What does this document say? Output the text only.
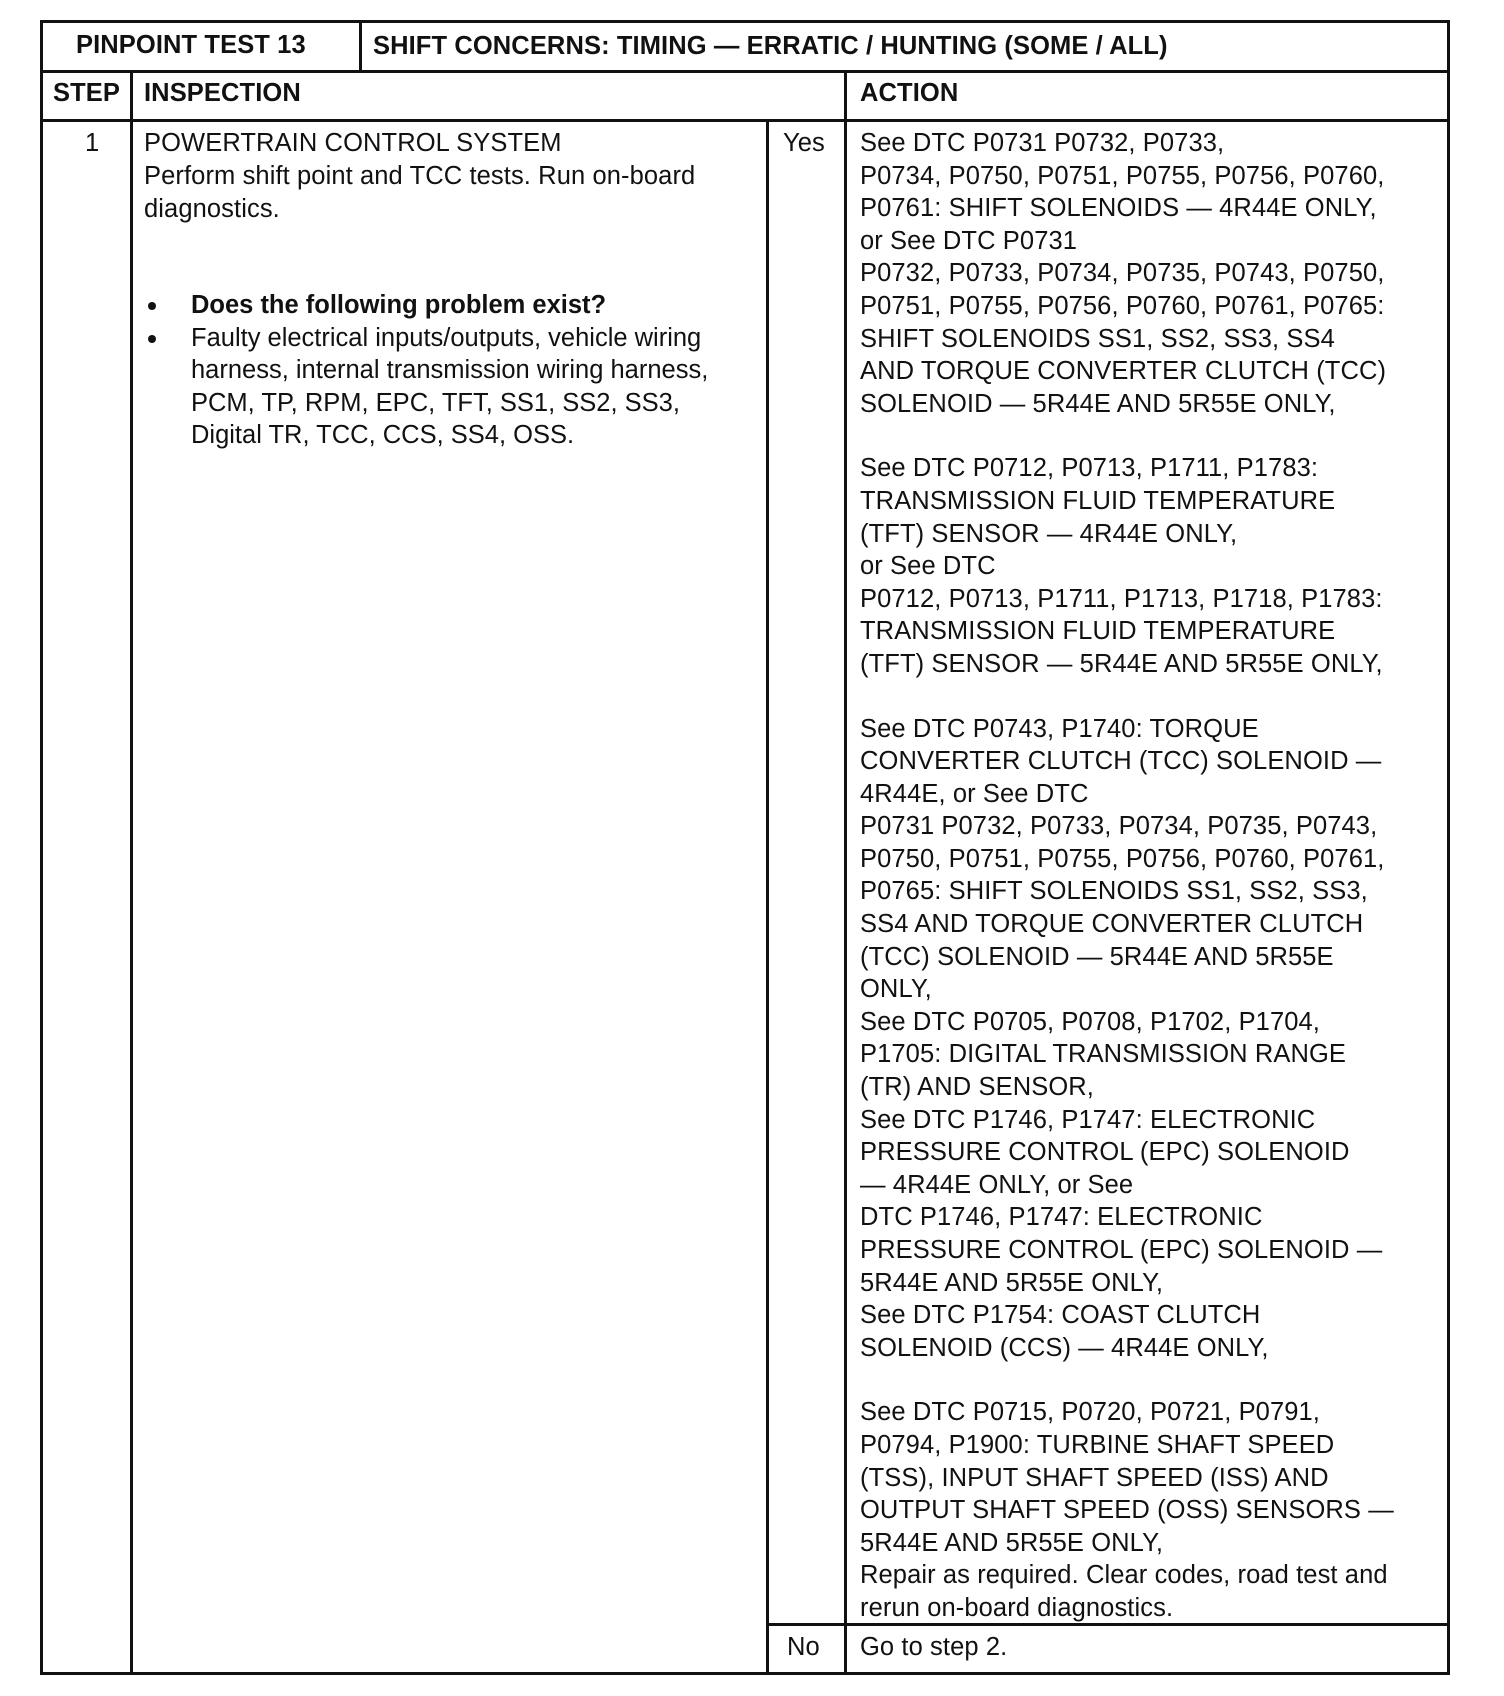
PINPOINT TEST 13	SHIFT CONCERNS: TIMING — ERRATIC / HUNTING (SOME / ALL)
STEP INSPECTION	ACTION
1 POWERTRAIN CONTROL SYSTEM
Perform shift point and TCC tests. Run on-board
diagnostics.
Does the following problem exist?
Faulty electrical inputs/outputs, vehicle wiring
harness, internal transmission wiring harness,
PCM, TP, RPM, EPC, TFT, SS1, SS2, SS3,
Digital TR, TCC, CCS, SS4, OSS.
Yes
No
See DTC P0731 P0732, P0733,
P0734, P0750, P0751, P0755, P0756, P0760,
P0761: SHIFT SOLENOIDS — 4R44E ONLY,
or See DTC P0731
P0732, P0733, P0734, P0735, P0743, P0750,
P0751, P0755, P0756, P0760, P0761, P0765:
SHIFT SOLENOIDS SS1, SS2, SS3, SS4
AND TORQUE CONVERTER CLUTCH (TCC)
SOLENOID — 5R44E AND 5R55E ONLY,
See DTC P0712, P0713, P1711, P1783:
TRANSMISSION FLUID TEMPERATURE
(TFT) SENSOR — 4R44E ONLY,
or See DTC
P0712, P0713, P1711, P1713, P1718, P1783:
TRANSMISSION FLUID TEMPERATURE
(TFT) SENSOR — 5R44E AND 5R55E ONLY,
See DTC P0743, P1740: TORQUE
CONVERTER CLUTCH (TCC) SOLENOID —
4R44E, or See DTC
P0731 P0732, P0733, P0734, P0735, P0743,
P0750, P0751, P0755, P0756, P0760, P0761,
P0765: SHIFT SOLENOIDS SS1, SS2, SS3,
SS4 AND TORQUE CONVERTER CLUTCH
(TCC) SOLENOID — 5R44E AND 5R55E
ONLY,
See DTC P0705, P0708, P1702, P1704,
P1705: DIGITAL TRANSMISSION RANGE
(TR) AND SENSOR,
See DTC P1746, P1747: ELECTRONIC
PRESSURE CONTROL (EPC) SOLENOID
— 4R44E ONLY, or See
DTC P1746, P1747: ELECTRONIC
PRESSURE CONTROL (EPC) SOLENOID —
5R44E AND 5R55E ONLY,
See DTC P1754: COAST CLUTCH
SOLENOID (CCS) — 4R44E ONLY,
See DTC P0715, P0720, P0721, P0791,
P0794, P1900: TURBINE SHAFT SPEED
(TSS), INPUT SHAFT SPEED (ISS) AND
OUTPUT SHAFT SPEED (OSS) SENSORS —
5R44E AND 5R55E ONLY,
Repair as required. Clear codes, road test and
rerun on-board diagnostics.
Go to step 2.
